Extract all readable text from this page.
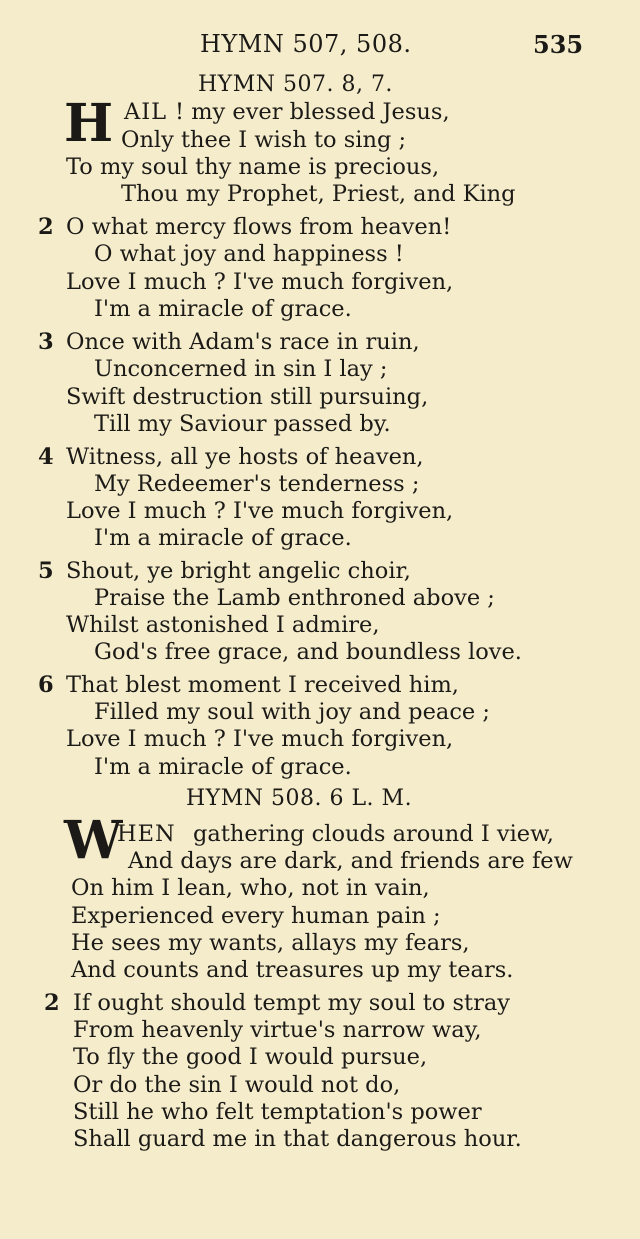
HYMN 507, 508.	535
HYMN 507. 8, 7.
H AIL ! my ever blessed Jesus,
Only thee I wish to sing ;
To my soul thy name is precious,
Thou my Prophet, Priest, and King
2 O what mercy flows from heaven!
O what joy and happiness !
Love I much ? I've much forgiven,
I'm a miracle of grace.
3 Once with Adam's race in ruin,
Unconcerned in sin I lay ;
Swift destruction still pursuing,
Till my Saviour passed by.
4 Witness, all ye hosts of heaven,
My Redeemer's tenderness ;
Love I much ? I've much forgiven,
I'm a miracle of grace.
5 Shout, ye bright angelic choir,
Praise the Lamb enthroned above ;
Whilst astonished I admire,
God's free grace, and boundless love.
6 That blest moment I received him,
Filled my soul with joy and peace ;
Love I much ? I've much forgiven,
I'm a miracle of grace.
HYMN 508. 6 L. M.
W
HEN gathering clouds around I view,
And days are dark, and friends are few
On him I lean, who, not in vain,
Experienced every human pain ;
He sees my wants, allays my fears,
And counts and treasures up my tears.
2 If ought should tempt my soul to stray
From heavenly virtue's narrow way,
To fly the good I would pursue,
Or do the sin I would not do,
Still he who felt temptation's power
Shall guard me in that dangerous hour.
